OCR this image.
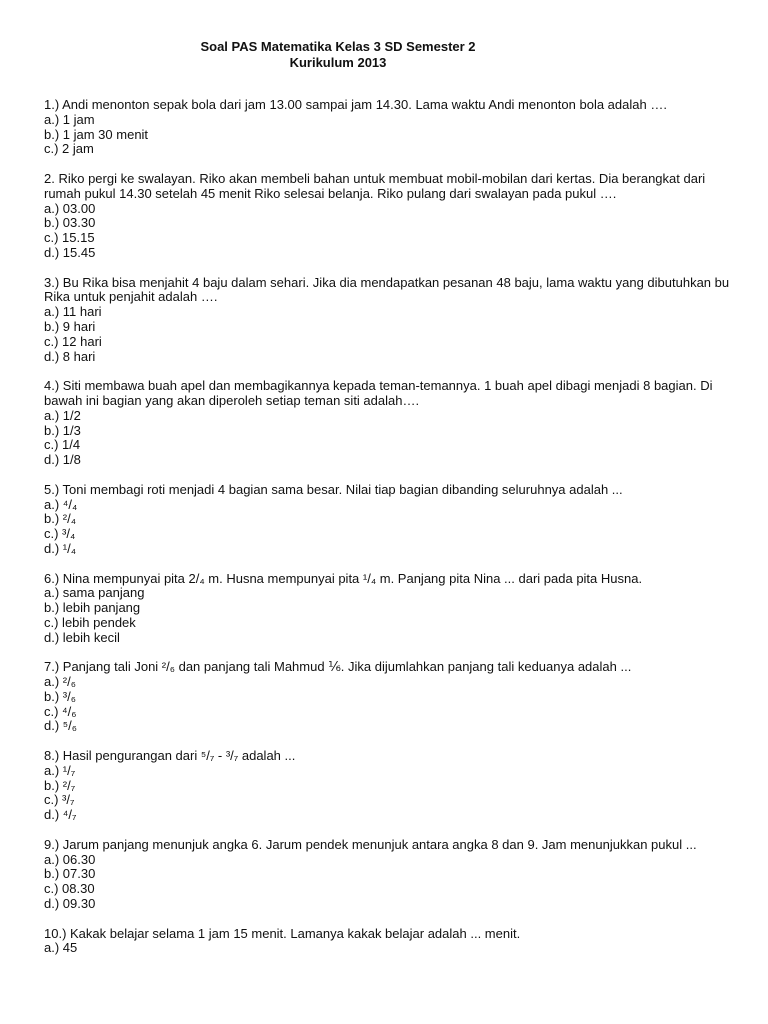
Soal PAS Matematika Kelas 3 SD Semester 2
Kurikulum 2013
1.) Andi menonton sepak bola dari jam 13.00 sampai jam 14.30. Lama waktu Andi menonton bola adalah ….
a.) 1 jam
b.) 1 jam 30 menit
c.) 2 jam
2. Riko pergi ke swalayan. Riko akan membeli bahan untuk membuat mobil-mobilan dari kertas. Dia berangkat dari rumah pukul 14.30 setelah 45 menit Riko selesai belanja. Riko pulang dari swalayan pada pukul ….
a.) 03.00
b.) 03.30
c.) 15.15
d.) 15.45
3.) Bu Rika bisa menjahit 4 baju dalam sehari. Jika dia mendapatkan pesanan 48 baju, lama waktu yang dibutuhkan bu Rika untuk penjahit adalah ….
a.) 11 hari
b.) 9 hari
c.) 12 hari
d.) 8 hari
4.) Siti membawa buah apel dan membagikannya kepada teman-temannya. 1 buah apel dibagi menjadi 8 bagian. Di bawah ini bagian yang akan diperoleh setiap teman siti adalah….
a.) 1/2
b.) 1/3
c.) 1/4
d.) 1/8
5.) Toni membagi roti menjadi 4 bagian sama besar. Nilai tiap bagian dibanding seluruhnya adalah ...
a.) ⁴/₄
b.) ²/₄
c.) ³/₄
d.) ¹/₄
6.) Nina mempunyai pita 2/₄ m. Husna mempunyai pita ¹/₄ m. Panjang pita Nina ... dari pada pita Husna.
a.) sama panjang
b.) lebih panjang
c.) lebih pendek
d.) lebih kecil
7.) Panjang tali Joni ²/₆ dan panjang tali Mahmud ⅙. Jika dijumlahkan panjang tali keduanya adalah ...
a.) ²/₆
b.) ³/₆
c.) ⁴/₆
d.) ⁵/₆
8.) Hasil pengurangan dari ⁵/₇ - ³/₇ adalah ...
a.) ¹/₇
b.) ²/₇
c.) ³/₇
d.) ⁴/₇
9.) Jarum panjang menunjuk angka 6. Jarum pendek menunjuk antara angka 8 dan 9. Jam menunjukkan pukul ...
a.) 06.30
b.) 07.30
c.) 08.30
d.) 09.30
10.) Kakak belajar selama 1 jam 15 menit. Lamanya kakak belajar adalah ... menit.
a.) 45
